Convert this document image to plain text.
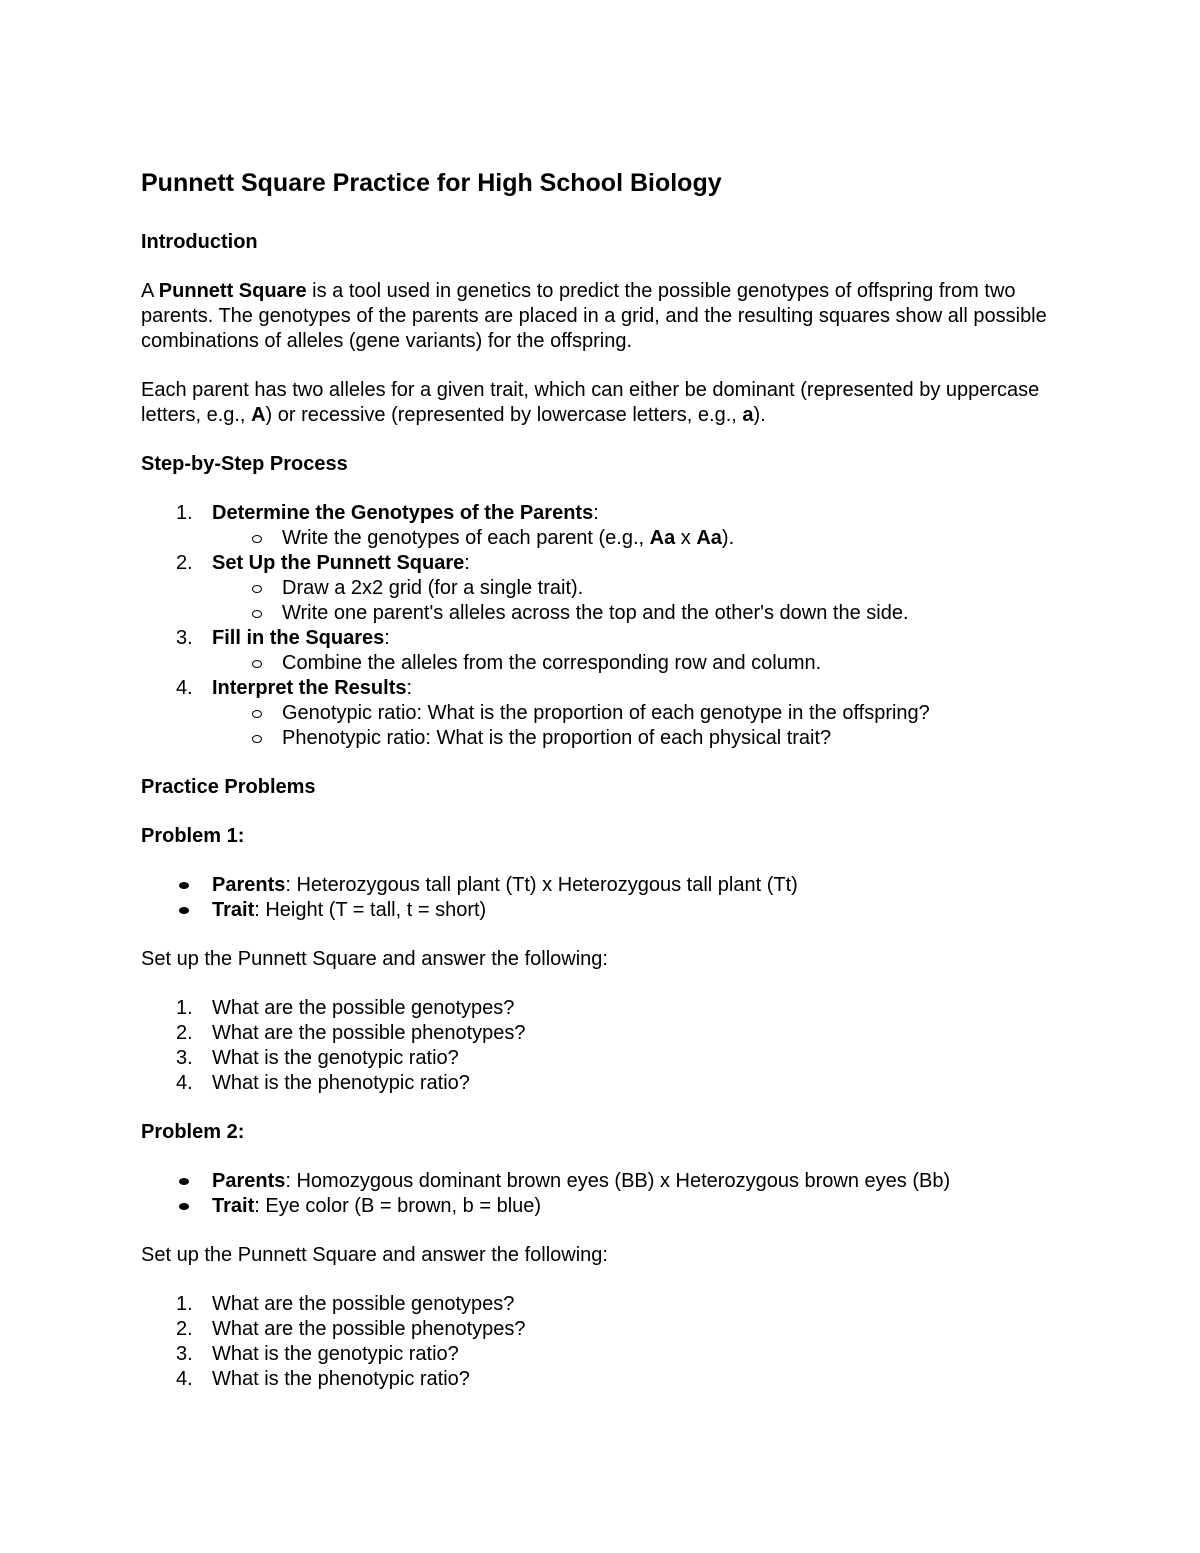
Punnett Square Practice for High School Biology
Introduction

A Punnett Square is a tool used in genetics to predict the possible genotypes of offspring from two parents. The genotypes of the parents are placed in a grid, and the resulting squares show all possible combinations of alleles (gene variants) for the offspring.

Each parent has two alleles for a given trait, which can either be dominant (represented by uppercase letters, e.g., A) or recessive (represented by lowercase letters, e.g., a).

Step-by-Step Process
1. Determine the Genotypes of the Parents:
Write the genotypes of each parent (e.g., Aa x Aa).
2. Set Up the Punnett Square:
Draw a 2x2 grid (for a single trait).
Write one parent's alleles across the top and the other's down the side.
3. Fill in the Squares:
Combine the alleles from the corresponding row and column.
4. Interpret the Results:
Genotypic ratio: What is the proportion of each genotype in the offspring?
Phenotypic ratio: What is the proportion of each physical trait?
Practice Problems
Problem 1:
Parents: Heterozygous tall plant (Tt) x Heterozygous tall plant (Tt)
Trait: Height (T = tall, t = short)

Set up the Punnett Square and answer the following:

1. What are the possible genotypes?
2. What are the possible phenotypes?
3. What is the genotypic ratio?
4. What is the phenotypic ratio?
Problem 2:
Parents: Homozygous dominant brown eyes (BB) x Heterozygous brown eyes (Bb)
Trait: Eye color (B = brown, b = blue)

Set up the Punnett Square and answer the following:

1. What are the possible genotypes?
2. What are the possible phenotypes?
3. What is the genotypic ratio?
4. What is the phenotypic ratio?
